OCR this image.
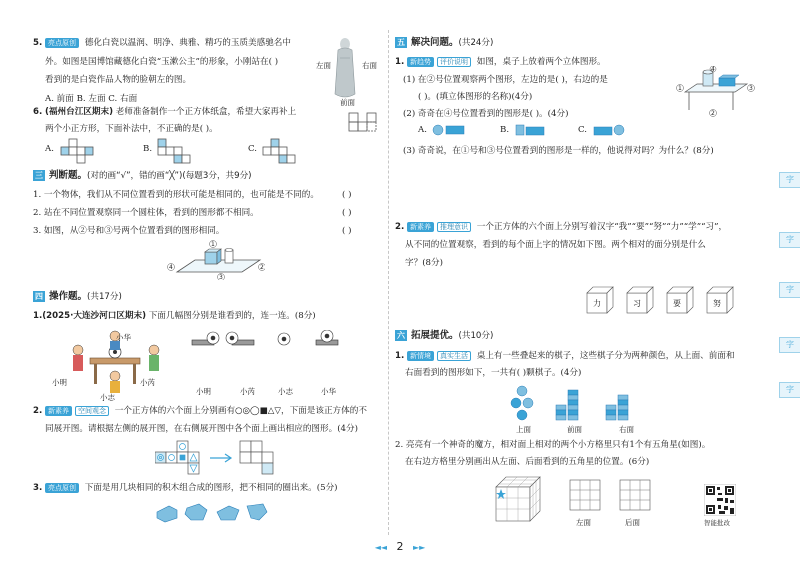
5. 亮点原创 德化白瓷以温润、明净、典雅、精巧的玉质美感驰名中
外。如图是国博馆藏德化白瓷“玉漱公主”的形象，小刚站在( )
看到的是白瓷作品人物的脸朝左的图。
A. 前面 B. 左面 C. 右面
左面	右面
前面
6. (福州台江区期末) 老师准备制作一个正方体纸盒，希望大家再补上
两个小正方形，下面补法中，不正确的是( )。
A.	B.	C.
三 判断题。(对的画“√”，错的画“╳”)(每题3分，共9分)
1. 一个物体，我们从不同位置看到的形状可能是相同的，也可能是不同的。	( )
2. 站在不同位置观察同一个圆柱体，看到的图形都不相同。	( )
3. 如图，从②号和③号两个位置看到的图形相同。	( )
4
1
2
3
四 操作题。(共17分)
1.(2025·大连沙河口区期末) 下面几幅图分别是谁看到的，连一连。(8分)
小华
小明	小芮
小志
小明	小芮	小志	小华
2. 新素养 空间观念 一个正方体的六个面上分别画有○◎◯■△▽，下面是该正方体的不
同展开图。请根据左侧的展开图，在右侧展开图中各个面上画出相应的图形。(4分)
3. 亮点原创 下面是用几块相同的积木组合成的图形，把不相同的圈出来。(5分)
五 解决问题。(共24分)
1. 新趋势 评价说明 如图，桌子上放着两个立体图形。
(1) 在②号位置观察两个图形，左边的是( )，右边的是
( )。(填立体图形的名称)(4分)
(2) 奇奇在④号位置看到的图形是( )。(4分)
1
2
3
4
A.	B.	C.
(3) 奇奇说，在①号和③号位置看到的图形是一样的，他说得对吗？为什么？(8分)
2. 新素养 推理意识 一个正方体的六个面上分别写着汉字“我”“要”“努”“力”“学”“习”，
从不同的位置观察，看到的每个面上字的情况如下图。两个相对的面分别是什么
字？(8分)
力	习	要	努
六 拓展提优。(共10分)
1. 新情境 真实生活 桌上有一些叠起来的棋子，这些棋子分为两种颜色，从上面、前面和
右面看到的图形如下，一共有( )颗棋子。(4分)
上面	前面	右面
2. 亮亮有一个神奇的魔方，相对面上相对的两个小方格里只有1个有五角星(如图)。
在右边方格里分别画出从左面、后面看到的五角星的位置。(6分)
左面	后面	智能批改
字
字
字
字
字
◄◄ 2 ►►
